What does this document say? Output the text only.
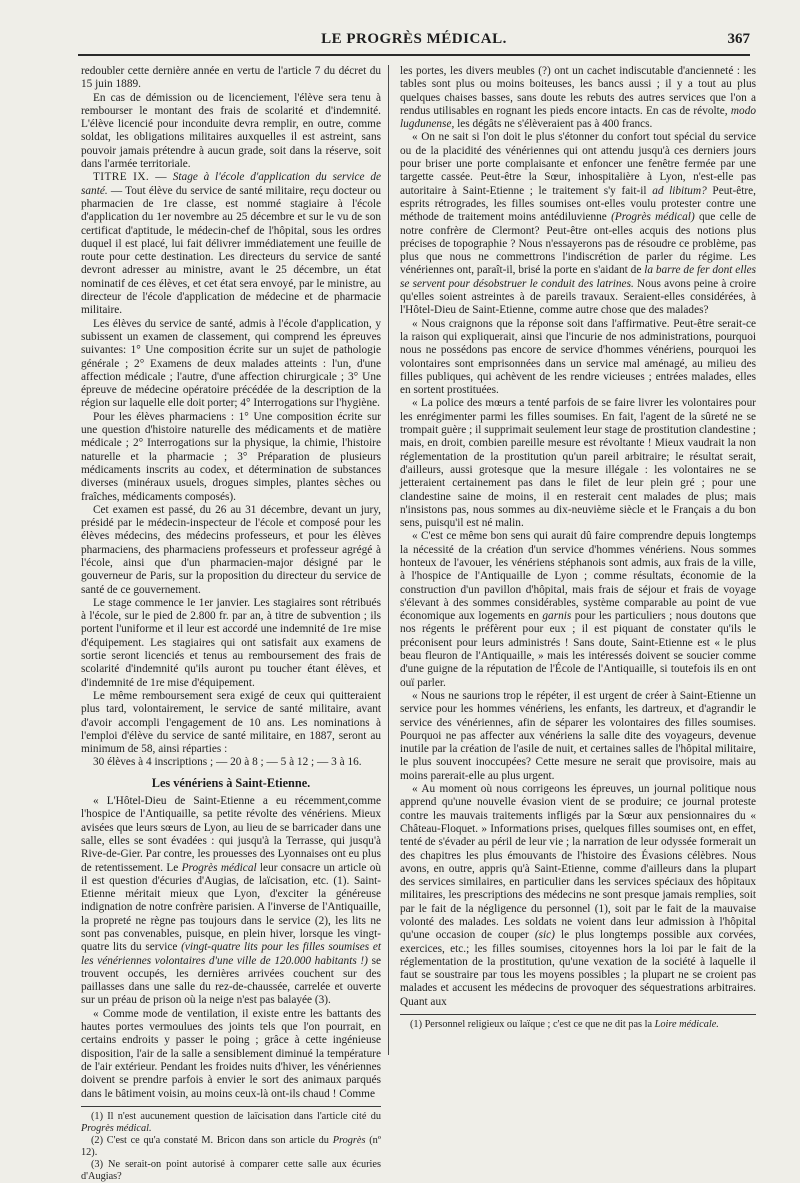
LE PROGRÈS MÉDICAL.	367

redoubler cette dernière année en vertu de l'article 7 du décret du 15 juin 1889.

En cas de démission ou de licenciement, l'élève sera tenu à rembourser le montant des frais de scolarité et d'indemnité. L'élève licencié pour inconduite devra remplir, en outre, comme soldat, les obligations militaires auxquelles il est astreint, sans pouvoir jamais prétendre à aucun grade, soit dans la réserve, soit dans l'armée territoriale.

TITRE IX. — Stage à l'école d'application du service de santé. — Tout élève du service de santé militaire, reçu docteur ou pharmacien de 1re classe, est nommé stagiaire à l'école d'application du 1er novembre au 25 décembre et sur le vu de son certificat d'aptitude, le médecin-chef de l'hôpital, sous les ordres duquel il est placé, lui fait délivrer immédiatement une feuille de route pour cette destination. Les directeurs du service de santé devront adresser au ministre, avant le 25 décembre, un état nominatif de ces élèves, et cet état sera envoyé, par le ministre, au directeur de l'école d'application de médecine et de pharmacie militaire.

Les élèves du service de santé, admis à l'école d'application, y subissent un examen de classement, qui comprend les épreuves suivantes: 1° Une composition écrite sur un sujet de pathologie générale ; 2° Examens de deux malades atteints : l'un, d'une affection médicale ; l'autre, d'une affection chirurgicale ; 3° Une épreuve de médecine opératoire précédée de la description de la région sur laquelle elle doit porter; 4° Interrogations sur l'hygiène.

Pour les élèves pharmaciens : 1° Une composition écrite sur une question d'histoire naturelle des médicaments et de matière médicale ; 2° Interrogations sur la physique, la chimie, l'histoire naturelle et la pharmacie ; 3° Préparation de plusieurs médicaments inscrits au codex, et détermination de substances diverses (minéraux usuels, drogues simples, plantes sèches ou fraîches, médicaments composés).

Cet examen est passé, du 26 au 31 décembre, devant un jury, présidé par le médecin-inspecteur de l'école et composé pour les élèves médecins, des médecins professeurs, et pour les élèves pharmaciens, des pharmaciens professeurs et professeur agrégé à l'école, ainsi que d'un pharmacien-major désigné par le gouverneur de Paris, sur la proposition du directeur du service de santé de ce gouvernement.

Le stage commence le 1er janvier. Les stagiaires sont rétribués à l'école, sur le pied de 2.800 fr. par an, à titre de subvention ; ils portent l'uniforme et il leur est accordé une indemnité de 1re mise d'équipement. Les stagiaires qui ont satisfait aux examens de sortie seront licenciés et tenus au remboursement des frais de scolarité d'indemnité qu'ils auront pu toucher étant élèves, et d'indemnité de 1re mise d'équipement.

Le même remboursement sera exigé de ceux qui quitteraient plus tard, volontairement, le service de santé militaire, avant d'avoir accompli l'engagement de 10 ans. Les nominations à l'emploi d'élève du service de santé militaire, en 1887, seront au minimum de 58, ainsi réparties :

30 élèves à 4 inscriptions ; — 20 à 8 ; — 5 à 12 ; — 3 à 16.

Les vénériens à Saint-Etienne.

« L'Hôtel-Dieu de Saint-Etienne a eu récemment,comme l'hospice de l'Antiquaille, sa petite révolte des vénériens. Mieux avisées que leurs sœurs de Lyon, au lieu de se barricader dans une salle, elles se sont évadées : qui jusqu'à la Terrasse, qui jusqu'à Rive-de-Gier. Par contre, les prouesses des Lyonnaises ont eu plus de retentissement. Le Progrès médical leur consacre un article où il est question d'écuries d'Augias, de laïcisation, etc. (1). Saint-Etienne méritait mieux que Lyon, d'exciter la généreuse indignation de notre confrère parisien. A l'inverse de l'Antiquaille, la propreté ne règne pas toujours dans le service (2), les lits ne sont pas convenables, puisque, en plein hiver, lorsque les vingt-quatre lits du service (vingt-quatre lits pour les filles soumises et les vénériennes volontaires d'une ville de 120.000 habitants !) se trouvent occupés, les dernières arrivées couchent sur des paillasses dans une salle du rez-de-chaussée, carrelée et ouverte sur un préau de prison où la neige n'est pas balayée (3).

« Comme mode de ventilation, il existe entre les battants des hautes portes vermoulues des joints tels que l'on pourrait, en certains endroits y passer le poing ; grâce à cette ingénieuse disposition, l'air de la salle a sensiblement diminué la température de l'air extérieur. Pendant les froides nuits d'hiver, les vénériennes doivent se prendre parfois à envier le sort des animaux parqués dans le bâtiment voisin, au moins ceux-là ont-ils chaud ! Comme

(1) Il n'est aucunement question de laïcisation dans l'article cité du Progrès médical.

(2) C'est ce qu'a constaté M. Bricon dans son article du Progrès (nº 12).

(3) Ne serait-on point autorisé à comparer cette salle aux écuries d'Augias?

les portes, les divers meubles (?) ont un cachet indiscutable d'ancienneté : les tables sont plus ou moins boiteuses, les bancs aussi ; il y a tout au plus quelques chaises basses, sans doute les rebuts des autres services que l'on a rendus utilisables en rognant les pieds encore intacts. En cas de révolte, modo lugdunense, les dégâts ne s'élèveraient pas à 400 francs.

« On ne sait si l'on doit le plus s'étonner du confort tout spécial du service ou de la placidité des vénériennes qui ont attendu jusqu'à ces derniers jours pour briser une porte complaisante et enfoncer une fenêtre fermée par une targette cassée. Peut-être la Sœur, inhospitalière à Lyon, n'est-elle pas autoritaire à Saint-Etienne ; le traitement s'y fait-il ad libitum? Peut-être, esprits rétrogrades, les filles soumises ont-elles voulu protester contre une méthode de traitement moins antédiluvienne (Progrès médical) que celle de notre confrère de Clermont? Peut-être ont-elles acquis des notions plus précises de topographie ? Nous n'essayerons pas de résoudre ce problème, pas plus que nous ne commettrons l'indiscrétion de parler du régime. Les vénériennes ont, paraît-il, brisé la porte en s'aidant de la barre de fer dont elles se servent pour désobstruer le conduit des latrines. Nous avons peine à croire qu'elles soient astreintes à de pareils travaux. Seraient-elles considérées, à l'Hôtel-Dieu de Saint-Etienne, comme autre chose que des malades?

« Nous craignons que la réponse soit dans l'affirmative. Peut-être serait-ce la raison qui expliquerait, ainsi que l'incurie de nos administrations, pourquoi nous ne possédons pas encore de service d'hommes vénériens, pourquoi les volontaires sont emprisonnées dans un service mal aménagé, au milieu des filles publiques, qui achèvent de les rendre vicieuses ; entrées malades, elles en sortent prostituées.

« La police des mœurs a tenté parfois de se faire livrer les volontaires pour les enrégimenter parmi les filles soumises. En fait, l'agent de la sûreté ne se trompait guère ; il supprimait seulement leur stage de prostitution clandestine ; mais, en droit, combien pareille mesure est révoltante ! Mieux vaudrait la non réglementation de la prostitution qu'un pareil arbitraire; le résultat serait, d'ailleurs, aussi grotesque que la mesure illégale : les volontaires ne se jetteraient certainement pas dans le filet de leur plein gré ; pour une clandestine saine de moins, il en resterait cent malades de plus; mais n'insistons pas, nous sommes au dix-neuvième siècle et le Français a du bon sens, puisqu'il est né malin.

« C'est ce même bon sens qui aurait dû faire comprendre depuis longtemps la nécessité de la création d'un service d'hommes vénériens. Nous sommes honteux de l'avouer, les vénériens stéphanois sont admis, aux frais de la ville, à l'hospice de l'Antiquaille de Lyon ; comme résultats, économie de la construction d'un pavillon d'hôpital, mais frais de séjour et frais de voyage s'élevant à des sommes considérables, système comparable au point de vue économique aux logements en garnis pour les particuliers ; nous doutons que nos régents le préfèrent pour eux ; il est piquant de constater qu'ils le préconisent pour leurs administrés ! Sans doute, Saint-Etienne est « le plus beau fleuron de l'Antiquaille, » mais les intéressés doivent se soucier comme d'une guigne de la réputation de l'École de l'Antiquaille, si toutefois ils en ont ouï parler.

« Nous ne saurions trop le répéter, il est urgent de créer à Saint-Etienne un service pour les hommes vénériens, les enfants, les dartreux, et d'agrandir le service des vénériennes, afin de séparer les volontaires des filles soumises. Pourquoi ne pas affecter aux vénériens la salle dite des voyageurs, devenue inutile par la création de l'asile de nuit, et certaines salles de l'hôpital militaire, le plus souvent inoccupées? Cette mesure ne serait que provisoire, mais au moins parerait-elle au plus urgent.

« Au moment où nous corrigeons les épreuves, un journal politique nous apprend qu'une nouvelle évasion vient de se produire; ce journal proteste contre les mauvais traitements infligés par la Sœur aux pensionnaires du « Château-Floquet. » Informations prises, quelques filles soumises ont, en effet, tenté de s'évader au péril de leur vie ; la narration de leur odyssée formerait un des chapitres les plus émouvants de l'histoire des Évasions célèbres. Nous avons, en outre, appris qu'à Saint-Etienne, comme d'ailleurs dans la plupart des services similaires, en particulier dans les services spéciaux des hôpitaux militaires, les prescriptions des médecins ne sont presque jamais remplies, soit par le fait de la négligence du personnel (1), soit par le fait de la mauvaise volonté des malades. Les soldats ne voient dans leur admission à l'hôpital qu'une occasion de couper (sic) le plus longtemps possible aux corvées, exercices, etc.; les filles soumises, citoyennes hors la loi par le fait de la réglementation de la prostitution, qu'une vexation de la société à laquelle il faut se soustraire par tous les moyens possibles ; la plupart ne se croient pas malades et accusent les médecins de provoquer des séquestrations arbitraires. Quant aux

(1) Personnel religieux ou laïque ; c'est ce que ne dit pas la Loire médicale.
